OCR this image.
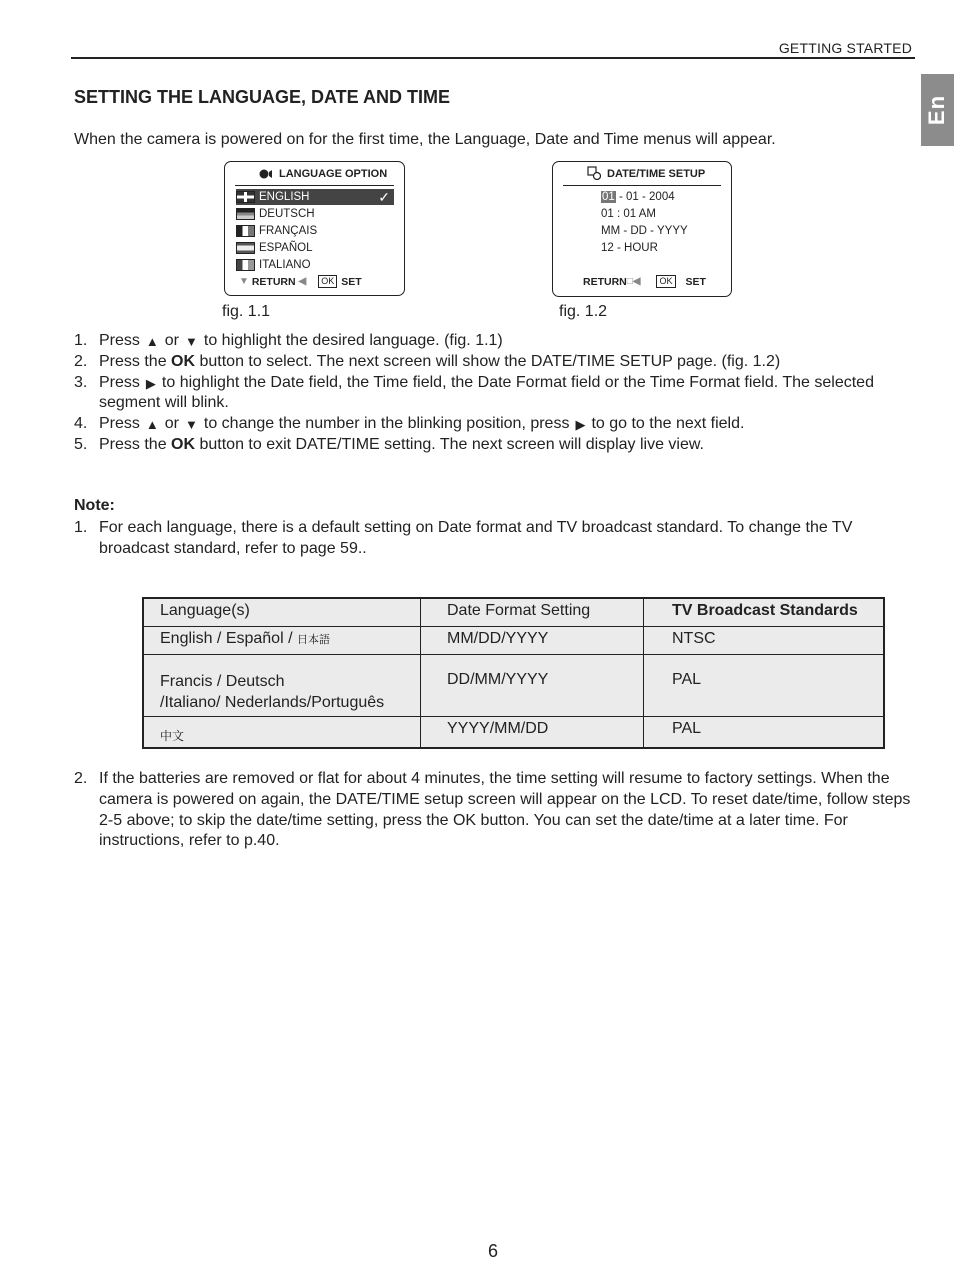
GETTING STARTED
En
SETTING THE LANGUAGE, DATE AND TIME

When the camera is powered on for the first time, the Language, Date and Time menus will appear.

LANGUAGE OPTION
ENGLISH	✓
DEUTSCH
FRANÇAIS
ESPAÑOL
ITALIANO
▼
RETURN
◀	OK SET
fig. 1.1
DATE/TIME SETUP
01 - 01 - 2004
01 : 01 AM
MM - DD - YYYY
12 - HOUR
RETURN □◀	OK SET
fig. 1.2
1. Press ▲ or ▼ to highlight the desired language. (fig. 1.1)
2. Press the OK button to select. The next screen will show the DATE/TIME SETUP page. (fig. 1.2)
3. Press ▶ to highlight the Date field, the Time field, the Date Format field or the Time Format field. The selected segment will blink.
4. Press ▲ or ▼ to change the number in the blinking position, press ▶ to go to the next field.
5. Press the OK button to exit DATE/TIME setting. The next screen will display live view.
Note:
1. For each language, there is a default setting on Date format and TV broadcast standard. To change the TV broadcast standard, refer to page 59..
Language(s)	Date Format Setting	TV Broadcast Standards
English / Español / 日本語	MM/DD/YYYY	NTSC

Francis / Deutsch
/Italiano/ Nederlands/Português	DD/MM/YYYY	PAL
中文	YYYY/MM/DD	PAL
2. If the batteries are removed or flat for about 4 minutes, the time setting will resume to factory settings. When the camera is powered on again, the DATE/TIME setup screen will appear on the LCD. To reset date/time, follow steps 2-5 above; to skip the date/time setting, press the OK button. You can set the date/time at a later time. For instructions, refer to p.40.
6
